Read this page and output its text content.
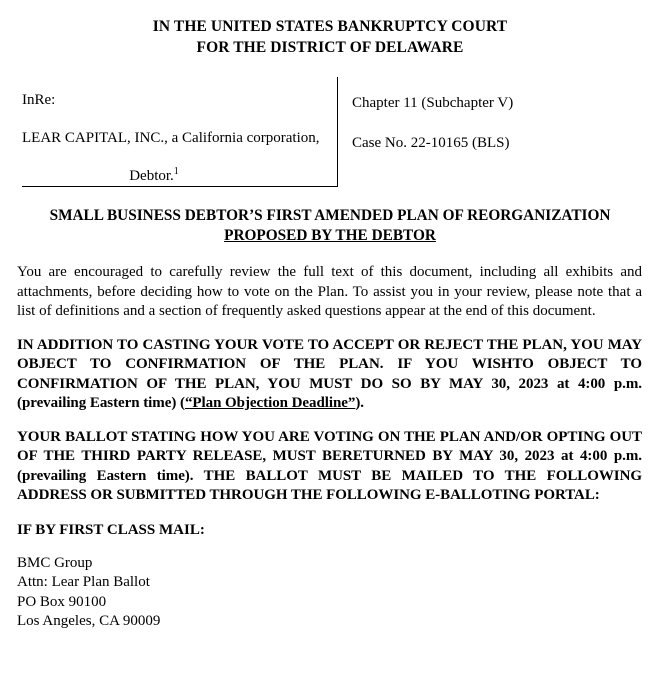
IN THE UNITED STATES BANKRUPTCY COURT
FOR THE DISTRICT OF DELAWARE
InRe:
LEAR CAPITAL, INC., a California corporation,
Debtor.$^1$
Chapter 11 (Subchapter V)
Case No. 22-10165 (BLS)
SMALL BUSINESS DEBTOR’S FIRST AMENDED PLAN OF REORGANIZATION
PROPOSED BY THE DEBTOR

You are encouraged to carefully review the full text of this document, including all exhibits and attachments, before deciding how to vote on the Plan. To assist you in your review, please note that a list of definitions and a section of frequently asked questions appear at the end of this document.

IN ADDITION TO CASTING YOUR VOTE TO ACCEPT OR REJECT THE PLAN, YOU MAY OBJECT TO CONFIRMATION OF THE PLAN. IF YOU WISHTO OBJECT TO CONFIRMATION OF THE PLAN, YOU MUST DO SO BY MAY 30, 2023 at 4:00 p.m. (prevailing Eastern time) (“Plan Objection Deadline”).

YOUR BALLOT STATING HOW YOU ARE VOTING ON THE PLAN AND/OR OPTING OUT OF THE THIRD PARTY RELEASE, MUST BERETURNED BY MAY 30, 2023 at 4:00 p.m. (prevailing Eastern time). THE BALLOT MUST BE MAILED TO THE FOLLOWING ADDRESS OR SUBMITTED THROUGH THE FOLLOWING E-BALLOTING PORTAL:

IF BY FIRST CLASS MAIL:
BMC Group
Attn: Lear Plan Ballot
PO Box 90100
Los Angeles, CA 90009
